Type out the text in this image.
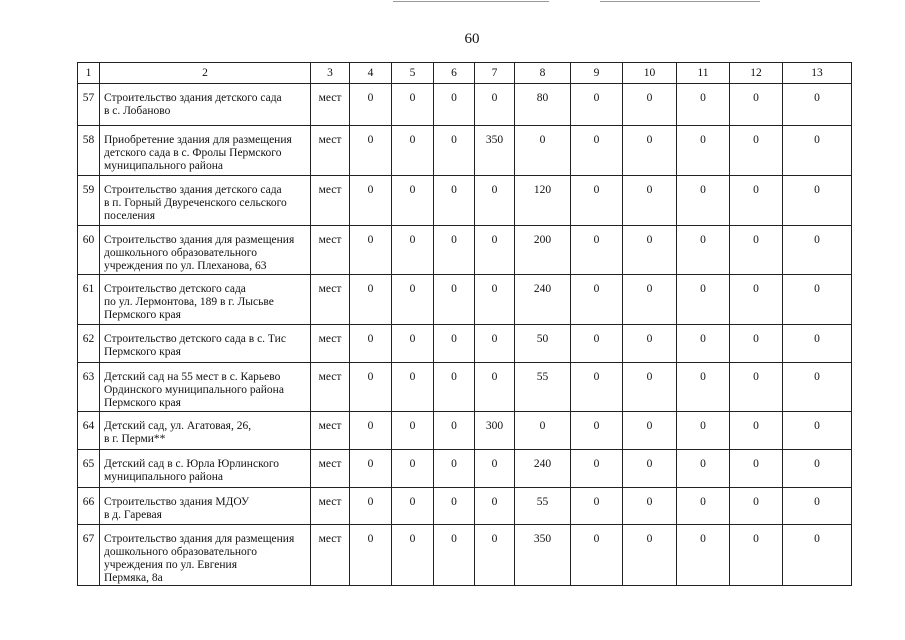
60
1	2	3	4	5	6	7	8	9	10	11	12	13
57	Строительство здания детского сада
в с. Лобаново	мест	0	0	0	0	80	0	0	0	0	0
58	Приобретение здания для размещения
детского сада в с. Фролы Пермского
муниципального района	мест	0	0	0	350	0	0	0	0	0	0
59	Строительство здания детского сада
в п. Горный Двуреченского сельского
поселения	мест	0	0	0	0	120	0	0	0	0	0
60	Строительство здания для размещения
дошкольного образовательного
учреждения по ул. Плеханова, 63	мест	0	0	0	0	200	0	0	0	0	0
61	Строительство детского сада
по ул. Лермонтова, 189 в г. Лысьве
Пермского края	мест	0	0	0	0	240	0	0	0	0	0
62	Строительство детского сада в с. Тис
Пермского края	мест	0	0	0	0	50	0	0	0	0	0
63	Детский сад на 55 мест в с. Карьево
Ординского муниципального района
Пермского края	мест	0	0	0	0	55	0	0	0	0	0
64	Детский сад, ул. Агатовая, 26,
в г. Перми**	мест	0	0	0	300	0	0	0	0	0	0
65	Детский сад в с. Юрла Юрлинского
муниципального района	мест	0	0	0	0	240	0	0	0	0	0
66	Строительство здания МДОУ
в д. Гаревая	мест	0	0	0	0	55	0	0	0	0	0
67	Строительство здания для размещения
дошкольного образовательного
учреждения по ул. Евгения
Пермяка, 8а	мест	0	0	0	0	350	0	0	0	0	0
